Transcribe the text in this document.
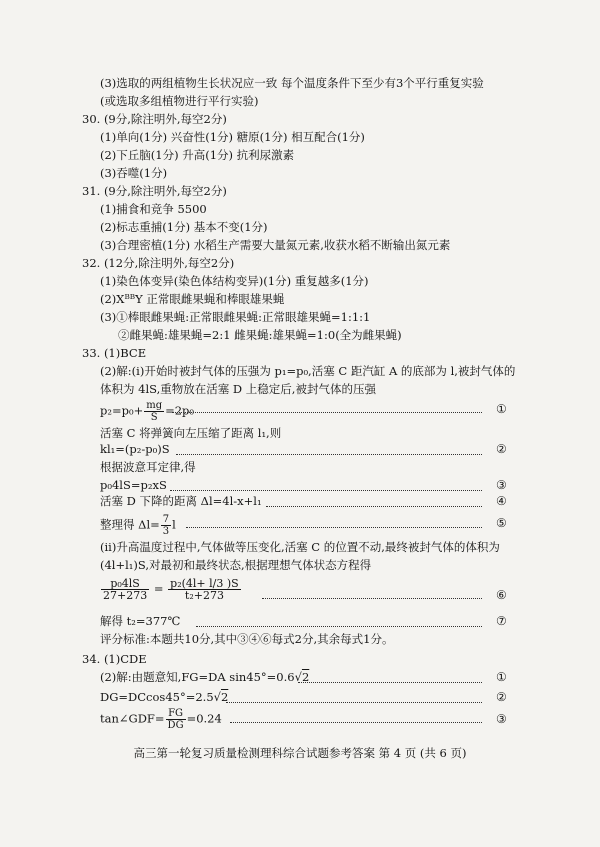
(3)选取的两组植物生长状况应一致 每个温度条件下至少有3个平行重复实验
(或选取多组植物进行平行实验)
30. (9分,除注明外,每空2分)
(1)单向(1分) 兴奋性(1分) 糖原(1分) 相互配合(1分)
(2)下丘脑(1分) 升高(1分) 抗利尿激素
(3)吞噬(1分)
31. (9分,除注明外,每空2分)
(1)捕食和竞争 5500
(2)标志重捕(1分) 基本不变(1分)
(3)合理密植(1分) 水稻生产需要大量氮元素,收获水稻不断输出氮元素
32. (12分,除注明外,每空2分)
(1)染色体变异(染色体结构变异)(1分) 重复越多(1分)
(2)XᴮᴮY 正常眼雌果蝇和棒眼雄果蝇
(3)①棒眼雌果蝇:正常眼雌果蝇:正常眼雄果蝇=1:1:1
②雌果蝇:雄果蝇=2:1 雌果蝇:雄果蝇=1:0(全为雌果蝇)
33. (1)BCE
(2)解:(i)开始时被封气体的压强为 p₁=p₀,活塞 C 距汽缸 A 的底部为 l,被封气体的
体积为 4lS,重物放在活塞 D 上稳定后,被封气体的压强
$p_2=p_0+ \frac{mg}{S} =2p_0$	①
活塞 C 将弹簧向左压缩了距离 l₁,则
kl₁=(p₂-p₀)S	②
根据波意耳定律,得
p₀4lS=p₂xS	③
活塞 D 下降的距离 Δl=4l-x+l₁	④
整理得 $\Delta l= \frac{7}{3}$ l	⑤
(ii)升高温度过程中,气体做等压变化,活塞 C 的位置不动,最终被封气体的体积为
(4l+l₁)S,对最初和最终状态,根据理想气体状态方程得
$\frac{\text{p₀4lS}}{27+273} = \frac{\text{p₂(4l+ l/3 )S}}{\text{t₂+273}}$	⑥
解得 t₂=377℃	⑦
评分标准:本题共10分,其中③④⑥每式2分,其余每式1分。
34. (1)CDE
(2)解:由题意知,FG=DA sin45°=0.6√2	①
DG=DCcos45°=2.5√2	②
tan∠GDF= $\frac{FG}{DG} =0.24$	③
高三第一轮复习质量检测理科综合试题参考答案 第 4 页 (共 6 页)
